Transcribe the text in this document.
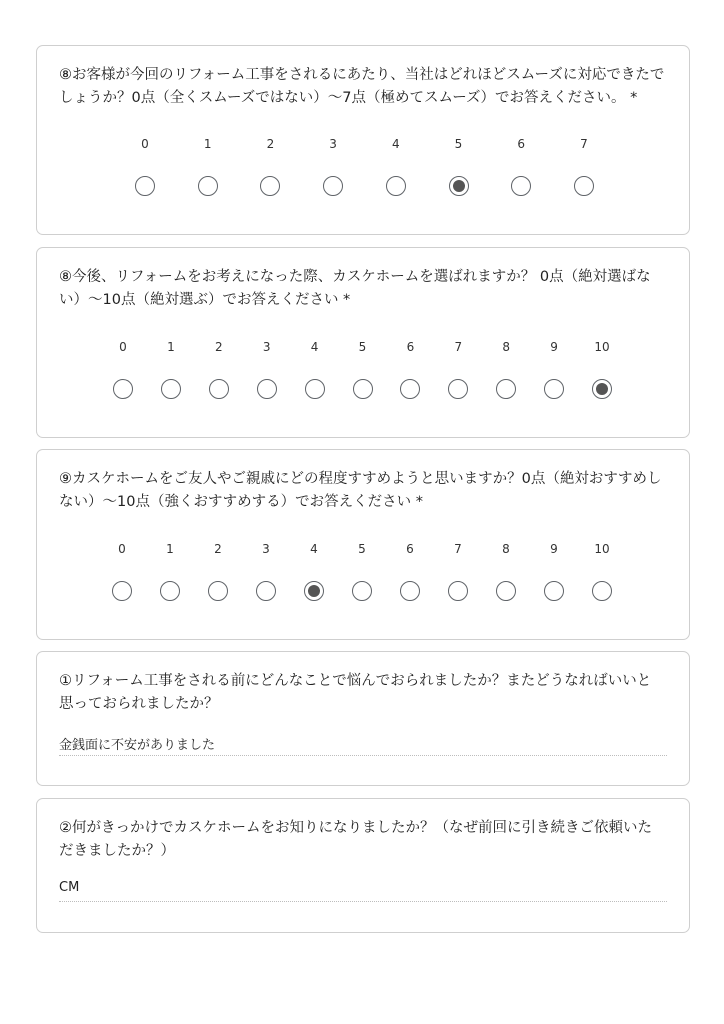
⑧お客様が今回のリフォーム工事をされるにあたり、当社はどれほどスムーズに対応できたでしょうか？0点（全くスムーズではない）～7点（極めてスムーズ）でお答えください。 *

0	1	2	3	4	5	6	7

⑧今後、リフォームをお考えになった際、カスケホームを選ばれますか？ 0点（絶対選ばない）～10点（絶対選ぶ）でお答えください *

0	1	2	3	4	5	6	7	8	9	10

⑨カスケホームをご友人やご親戚にどの程度すすめようと思いますか？0点（絶対おすすめしない）～10点（強くおすすめする）でお答えください *

0	1	2	3	4	5	6	7	8	9	10

①リフォーム工事をされる前にどんなことで悩んでおられましたか？またどうなればいいと思っておられましたか？

金銭面に不安がありました

②何がきっかけでカスケホームをお知りになりましたか？（なぜ前回に引き続きご依頼いただきましたか？）

CM
